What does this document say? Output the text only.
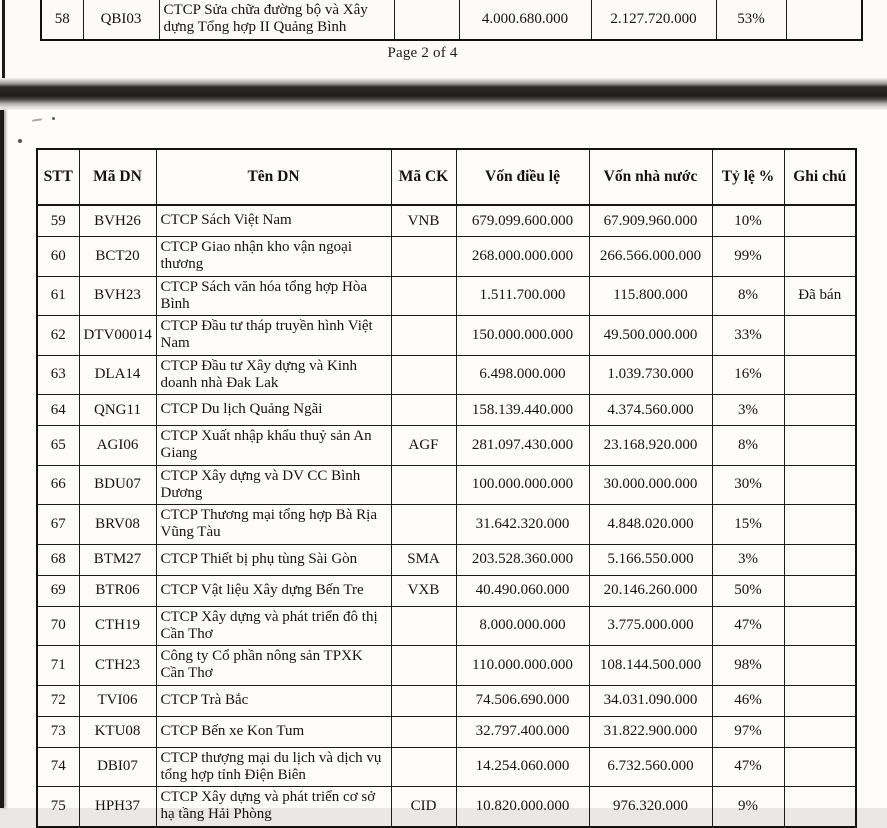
58	QBI03	CTCP Sửa chữa đường bộ và Xây dựng Tổng hợp II Quảng Bình		4.000.680.000	2.127.720.000	53%	
Page 2 of 4
STT	Mã DN	Tên DN	Mã CK	Vốn điều lệ	Vốn nhà nước	Tỷ lệ %	Ghi chú
59	BVH26	CTCP Sách Việt Nam	VNB	679.099.600.000	67.909.960.000	10%	
60	BCT20	CTCP Giao nhận kho vận ngoại thương		268.000.000.000	266.566.000.000	99%	
61	BVH23	CTCP Sách văn hóa tổng hợp Hòa Bình		1.511.700.000	115.800.000	8%	Đã bán
62	DTV00014	CTCP Đầu tư tháp truyền hình Việt Nam		150.000.000.000	49.500.000.000	33%	
63	DLA14	CTCP Đầu tư Xây dựng và Kinh doanh nhà Đak Lak		6.498.000.000	1.039.730.000	16%	
64	QNG11	CTCP Du lịch Quảng Ngãi		158.139.440.000	4.374.560.000	3%	
65	AGI06	CTCP Xuất nhập khẩu thuỷ sản An Giang	AGF	281.097.430.000	23.168.920.000	8%	
66	BDU07	CTCP Xây dựng và DV CC Bình Dương		100.000.000.000	30.000.000.000	30%	
67	BRV08	CTCP Thương mại tổng hợp Bà Rịa Vũng Tàu		31.642.320.000	4.848.020.000	15%	
68	BTM27	CTCP Thiết bị phụ tùng Sài Gòn	SMA	203.528.360.000	5.166.550.000	3%	
69	BTR06	CTCP Vật liệu Xây dựng Bến Tre	VXB	40.490.060.000	20.146.260.000	50%	
70	CTH19	CTCP Xây dựng và phát triển đô thị Cần Thơ		8.000.000.000	3.775.000.000	47%	
71	CTH23	Công ty Cổ phần nông sản TPXK Cần Thơ		110.000.000.000	108.144.500.000	98%	
72	TVI06	CTCP Trà Bắc		74.506.690.000	34.031.090.000	46%	
73	KTU08	CTCP Bến xe Kon Tum		32.797.400.000	31.822.900.000	97%	
74	DBI07	CTCP thượng mại du lịch và dịch vụ tổng hợp tỉnh Điện Biên		14.254.060.000	6.732.560.000	47%	
75	HPH37	CTCP Xây dựng và phát triển cơ sở hạ tầng Hải Phòng	CID	10.820.000.000	976.320.000	9%	
